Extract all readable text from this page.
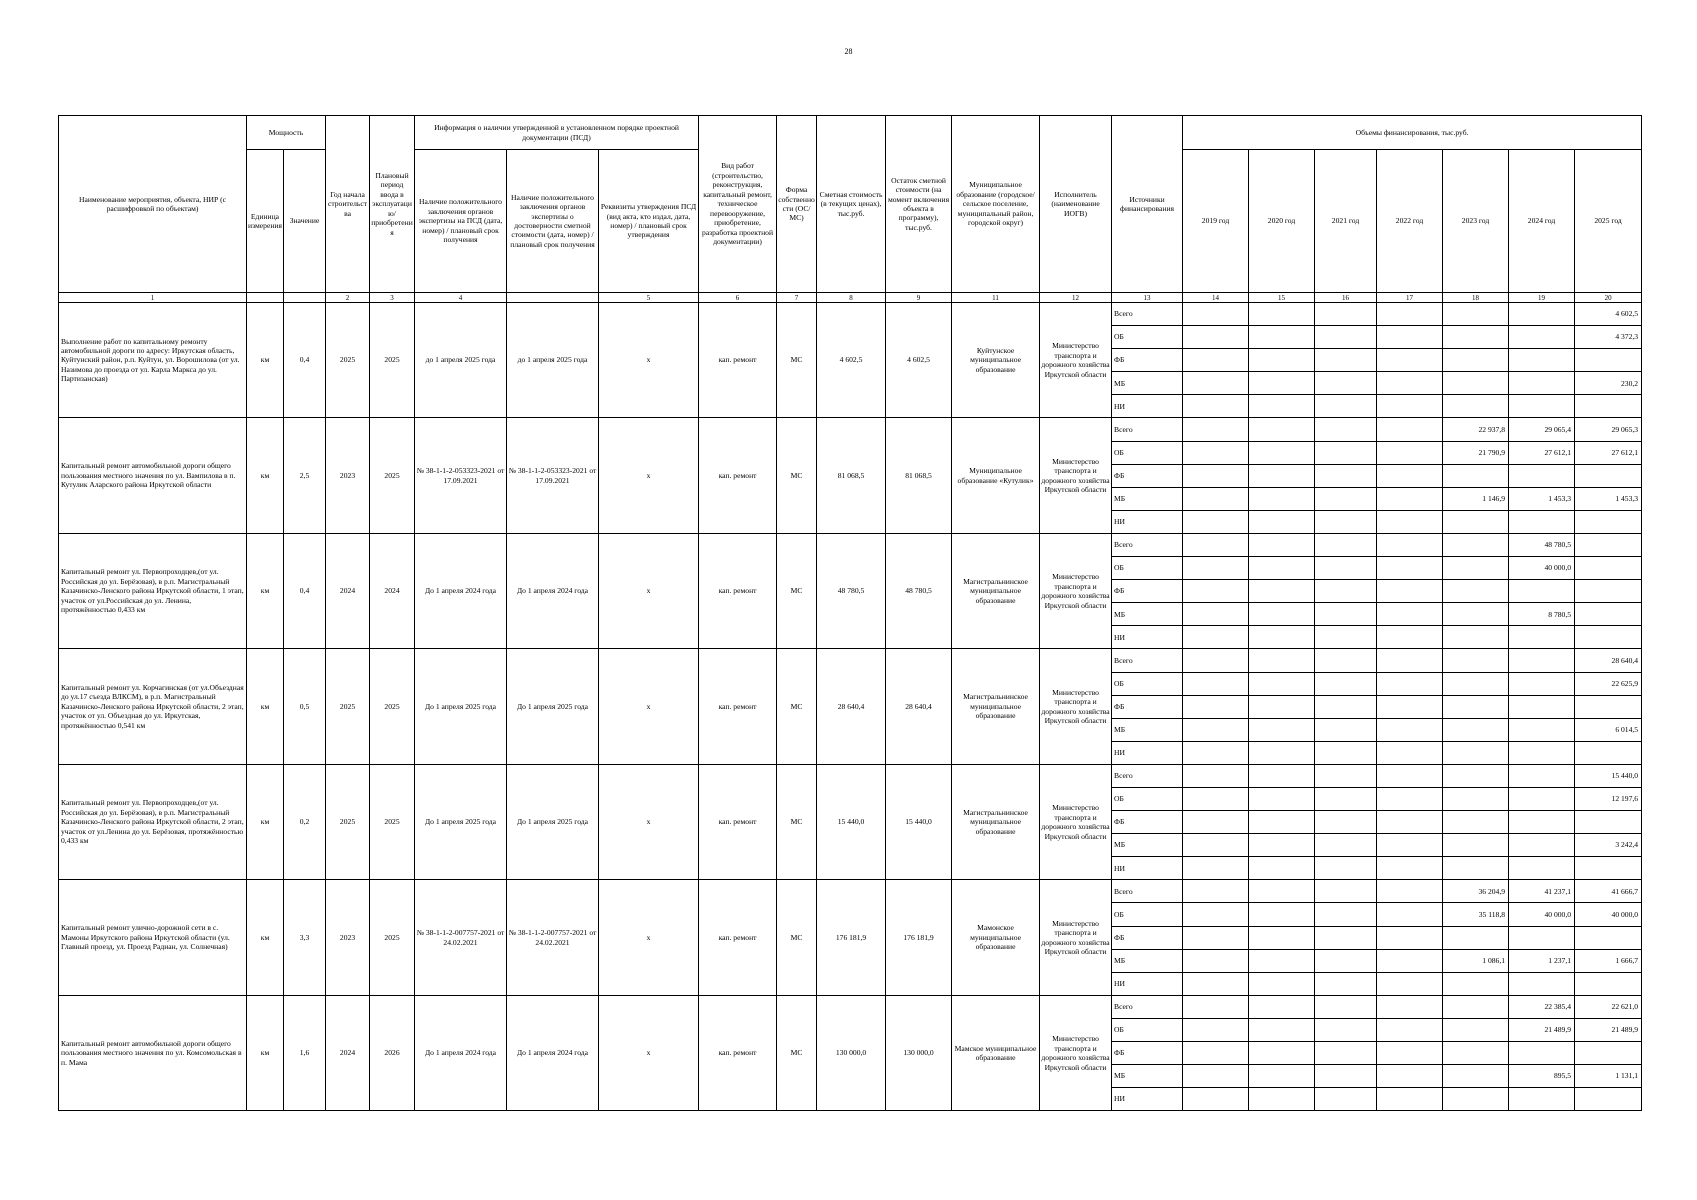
28
Наименование мероприятия, объекта, НИР (с расшифровкой по объектам)	Мощность		Год начала строительства	Плановый период ввода в эксплуатацию/приобретения	Информация о наличии утвержденной в установленном порядке проектной документации (ПСД)			Вид работ (строительство, реконструкция, капитальный ремонт, техническое перевооружение, приобретение, разработка проектной документации)	Форма собственности (ОС/МС)	Сметная стоимость (в текущих ценах), тыс.руб.	Остаток сметной стоимости (на момент включения объекта в программу), тыс.руб.	Муниципальное образование (городское/сельское поселение, муниципальный район, городской округ)	Исполнитель (наименование ИОГВ)	Источники финансирования	Объемы финансирования, тыс.руб.						
	Единица измерения	Значение			Наличие положительного заключения органов экспертизы на ПСД (дата, номер) / плановый срок получения	Наличие положительного заключения органов экспертизы о достоверности сметной стоимости (дата, номер) / плановый срок получения	Реквизиты утверждения ПСД (вид акта, кто издал, дата, номер) / плановый срок утверждения								2019 год	2020 год	2021 год	2022 год	2023 год	2024 год	2025 год
1			2	3	4		5	6	7	8	9	11	12	13	14	15	16	17	18	19	20
Выполнение работ по капитальному ремонту автомобильной дороги по адресу: Иркутская область, Куйтунский район, р.п. Куйтун, ул. Ворошилова (от ул. Назимова до проезда от ул. Карла Маркса до ул. Партизанская)	км	0,4	2025	2025	до 1 апреля 2025 года	до 1 апреля 2025 года	х	кап. ремонт	МС	4 602,5	4 602,5	Куйтунское муниципальное образование	Министерство транспорта и дорожного хозяйства Иркутской области	Всего							4 602,5
														ОБ							4 372,3
														ФБ							
														МБ							230,2
														НИ							
Капитальный ремонт автомобильной дороги общего пользования местного значения по ул. Вампилова в п. Кутулик Аларского района Иркутской области	км	2,5	2023	2025	№ 38-1-1-2-053323-2021 от 17.09.2021	№ 38-1-1-2-053323-2021 от 17.09.2021	х	кап. ремонт	МС	81 068,5	81 068,5	Муниципальное образование «Кутулик»	Министерство транспорта и дорожного хозяйства Иркутской области	Всего					22 937,8	29 065,4	29 065,3
														ОБ					21 790,9	27 612,1	27 612,1
														ФБ							
														МБ					1 146,9	1 453,3	1 453,3
														НИ							
Капитальный ремонт ул. Первопроходцев,(от ул. Российская до ул. Берёзовая), в р.п. Магистральный Казачинско-Ленского района Иркутской области, 1 этап, участок от ул.Российская до ул. Ленина, протяжённостью 0,433 км	км	0,4	2024	2024	До 1 апреля 2024 года	До 1 апреля 2024 года	х	кап. ремонт	МС	48 780,5	48 780,5	Магистральнинское муниципальное образование	Министерство транспорта и дорожного хозяйства Иркутской области	Всего						48 780,5	
														ОБ						40 000,0	
														ФБ							
														МБ						8 780,5	
														НИ							
Капитальный ремонт ул. Корчагинская (от ул.Объездная до ул.17 съезда ВЛКСМ), в р.п. Магистральный Казачинско-Ленского района Иркутской области, 2 этап, участок от ул. Объездная до ул. Иркутская, протяжённостью 0,541 км	км	0,5	2025	2025	До 1 апреля 2025 года	До 1 апреля 2025 года	х	кап. ремонт	МС	28 640,4	28 640,4	Магистральнинское муниципальное образование	Министерство транспорта и дорожного хозяйства Иркутской области	Всего							28 640,4
														ОБ							22 625,9
														ФБ							
														МБ							6 014,5
														НИ							
Капитальный ремонт ул. Первопроходцев,(от ул. Российская до ул. Берёзовая), в р.п. Магистральный Казачинско-Ленского района Иркутской области, 2 этап, участок от ул.Ленина до ул. Берёзовая, протяжённостью 0,433 км	км	0,2	2025	2025	До 1 апреля 2025 года	До 1 апреля 2025 года	х	кап. ремонт	МС	15 440,0	15 440,0	Магистральнинское муниципальное образование	Министерство транспорта и дорожного хозяйства Иркутской области	Всего							15 440,0
														ОБ							12 197,6
														ФБ							
														МБ							3 242,4
														НИ							
Капитальный ремонт улично-дорожной сети в с. Мамоны Иркутского района Иркутской области (ул. Главный проезд, ул. Проезд Радиан, ул. Солнечная)	км	3,3	2023	2025	№ 38-1-1-2-007757-2021 от 24.02.2021	№ 38-1-1-2-007757-2021 от 24.02.2021	х	кап. ремонт	МС	176 181,9	176 181,9	Мамонское муниципальное образование	Министерство транспорта и дорожного хозяйства Иркутской области	Всего					36 204,9	41 237,1	41 666,7
														ОБ					35 118,8	40 000,0	40 000,0
														ФБ							
														МБ					1 086,1	1 237,1	1 666,7
														НИ							
Капитальный ремонт автомобильной дороги общего пользования местного значения по ул. Комсомольская в п. Мама	км	1,6	2024	2026	До 1 апреля 2024 года	До 1 апреля 2024 года	х	кап. ремонт	МС	130 000,0	130 000,0	Мамское муниципальное образование	Министерство транспорта и дорожного хозяйства Иркутской области	Всего						22 385,4	22 621,0
														ОБ						21 489,9	21 489,9
														ФБ							
														МБ						895,5	1 131,1
														НИ							
